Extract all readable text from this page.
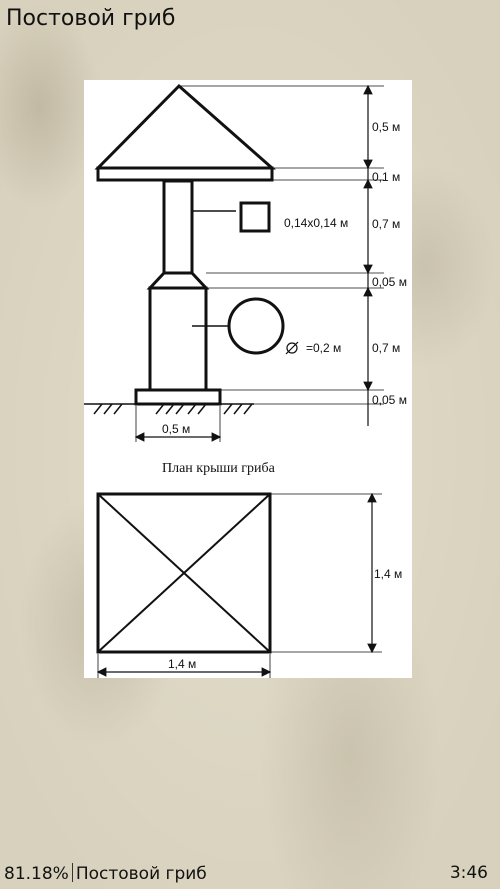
Постовой гриб
0,5 м
0,1 м
0,14х0,14 м 0,7 м
0,05 м
=0,2 м	0,7 м
0,05 м
0,5 м
План крыши гриба
1,4 м
1,4 м
81.18% Постовой гриб	3:46
